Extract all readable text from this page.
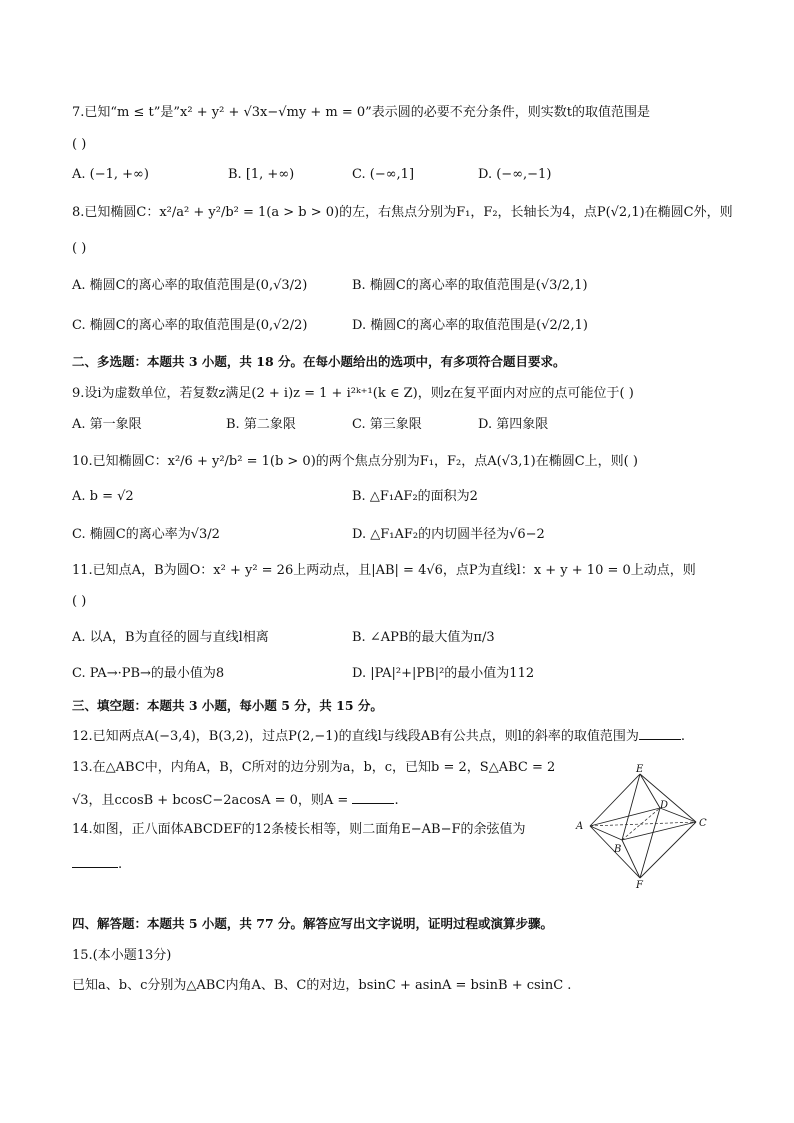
7.已知“m ≤ t”是”x² + y² + √3x−√my + m = 0”表示圆的必要不充分条件，则实数t的取值范围是
( )
A. (−1, +∞)	B. [1, +∞)	C. (−∞,1]	D. (−∞,−1)
8.已知椭圆C：x²/a² + y²/b² = 1(a > b > 0)的左，右焦点分别为F₁，F₂，长轴长为4，点P(√2,1)在椭圆C外，则
( )
A. 椭圆C的离心率的取值范围是(0,√3/2)	B. 椭圆C的离心率的取值范围是(√3/2,1)
C. 椭圆C的离心率的取值范围是(0,√2/2)	D. 椭圆C的离心率的取值范围是(√2/2,1)
二、多选题：本题共 3 小题，共 18 分。在每小题给出的选项中，有多项符合题目要求。
9.设i为虚数单位，若复数z满足(2 + i)z = 1 + i²ᵏ⁺¹(k ∈ Z)，则z在复平面内对应的点可能位于( )
A. 第一象限	B. 第二象限	C. 第三象限	D. 第四象限
10.已知椭圆C：x²/6 + y²/b² = 1(b > 0)的两个焦点分别为F₁，F₂，点A(√3,1)在椭圆C上，则( )
A. b = √2	B. △F₁AF₂的面积为2
C. 椭圆C的离心率为√3/2	D. △F₁AF₂的内切圆半径为√6−2
11.已知点A，B为圆O：x² + y² = 26上两动点，且|AB| = 4√6，点P为直线l：x + y + 10 = 0上动点，则
( )
A. 以A，B为直径的圆与直线l相离	B. ∠APB的最大值为π/3
C. PA→·PB→的最小值为8	D. |PA|²+|PB|²的最小值为112
三、填空题：本题共 3 小题，每小题 5 分，共 15 分。
12.已知两点A(−3,4)，B(3,2)，过点P(2,−1)的直线l与线段AB有公共点，则l的斜率的取值范围为	.
13.在△ABC中，内角A，B，C所对的边分别为a，b，c，已知b = 2，S△ABC = 2
√3，且ccosB + bcosC−2acosA = 0，则A =	.
14.如图，正八面体ABCDEF的12条棱长相等，则二面角E−AB−F的余弦值为
.
E
D
A	C
B
F
四、解答题：本题共 5 小题，共 77 分。解答应写出文字说明，证明过程或演算步骤。
15.(本小题13分)
已知a、b、c分别为△ABC内角A、B、C的对边，bsinC + asinA = bsinB + csinC .
